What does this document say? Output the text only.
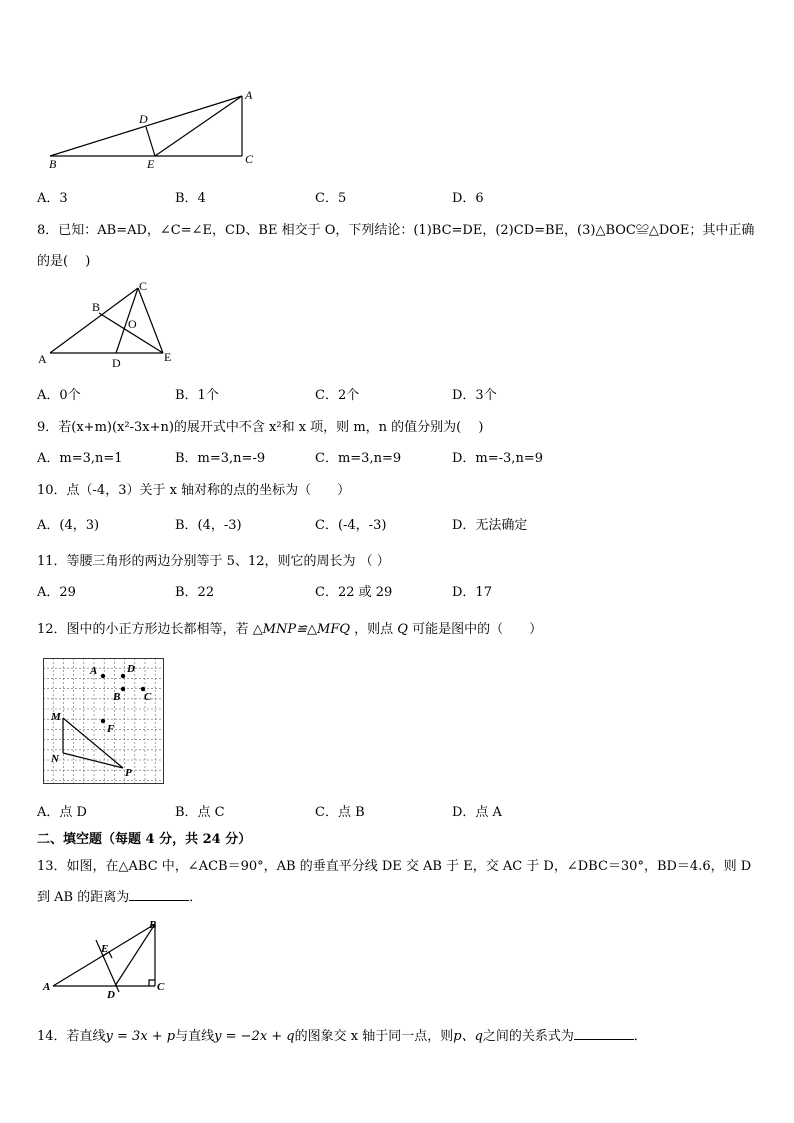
A
D
B	E	C
A．3	B．4	C．5	D．6
8．已知：AB=AD，∠C=∠E，CD、BE 相交于 O，下列结论：(1)BC=DE，(2)CD=BE，(3)△BOC≌△DOE；其中正确
的是(　 )
C
B
O
A	D	E
A．0个	B．1个	C．2个	D．3个
9．若(x+m)(x²-3x+n)的展开式中不含 x²和 x 项，则 m，n 的值分别为(　 )
A．m=3,n=1	B．m=3,n=-9	C．m=3,n=9	D．m=-3,n=9
10．点（-4，3）关于 x 轴对称的点的坐标为（　　）
A．(4，3)	B．(4，-3)	C．(-4，-3)	D．无法确定
11．等腰三角形的两边分别等于 5、12，则它的周长为 （ ）
A．29	B．22	C．22 或 29	D．17
12．图中的小正方形边长都相等，若 △MNP≌△MFQ ，则点 Q 可能是图中的（　　）
A	D
B C
M
F
N
P
A．点 D	B．点 C	C．点 B	D．点 A
二、填空题（每题 4 分，共 24 分）
13．如图，在△ABC 中，∠ACB＝90°，AB 的垂直平分线 DE 交 AB 于 E，交 AC 于 D，∠DBC＝30°，BD＝4.6，则 D
到 AB 的距离为	．
B
E
A
D
C
14．若直线y = 3x + p与直线y = −2x + q的图象交 x 轴于同一点，则p、q之间的关系式为	．
